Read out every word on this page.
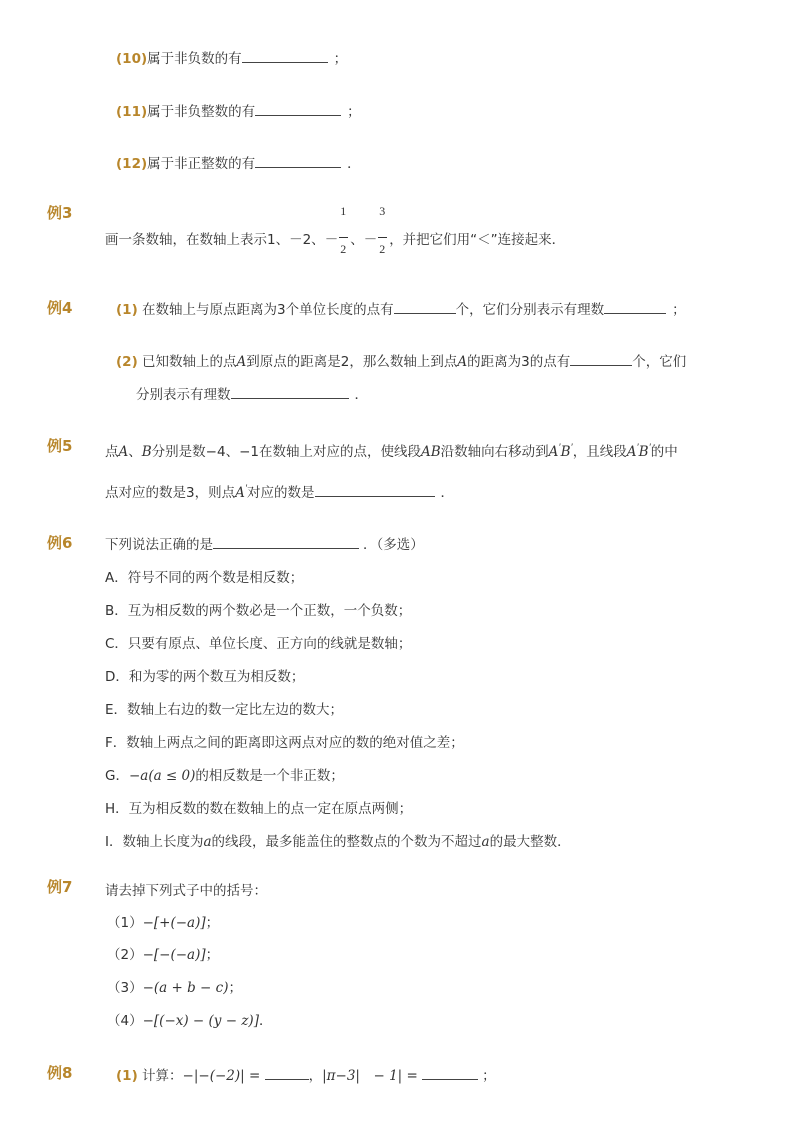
(10)属于非负数的有	；
(11)属于非负整数的有	；
(12)属于非正整数的有	．
例3
画一条数轴，在数轴上表示1、－2、－ $\frac{1}{2}$ 、－ $\frac{3}{2}$ ，并把它们用“＜”连接起来．
例4	(1) 在数轴上与原点距离为3个单位长度的点有	个，它们分别表示有理数	；
(2) 已知数轴上的点A到原点的距离是2，那么数轴上到点A的距离为3的点有	个，它们
分别表示有理数	．
例5 点A、B分别是数−4、−1在数轴上对应的点，使线段AB沿数轴向右移动到A′B′，且线段A′B′的中
点对应的数是3，则点A′对应的数是	．
例6 下列说法正确的是	．（多选）
A．符号不同的两个数是相反数；
B．互为相反数的两个数必是一个正数，一个负数；
C．只要有原点、单位长度、正方向的线就是数轴；
D．和为零的两个数互为相反数；
E．数轴上右边的数一定比左边的数大；
F．数轴上两点之间的距离即这两点对应的数的绝对值之差；
G．−a(a ≤ 0)的相反数是一个非正数；
H．互为相反数的数在数轴上的点一定在原点两侧；
I．数轴上长度为a的线段，最多能盖住的整数点的个数为不超过a的最大整数．
例7 请去掉下列式子中的括号：
（1）−[+(−a)]；
（2）−[−(−a)]；
（3）−(a + b − c)；
（4）−[(−x) − (y − z)]．
例8	(1) 计算：−|−(−2)| =	，|π−3|　− 1| =	；
